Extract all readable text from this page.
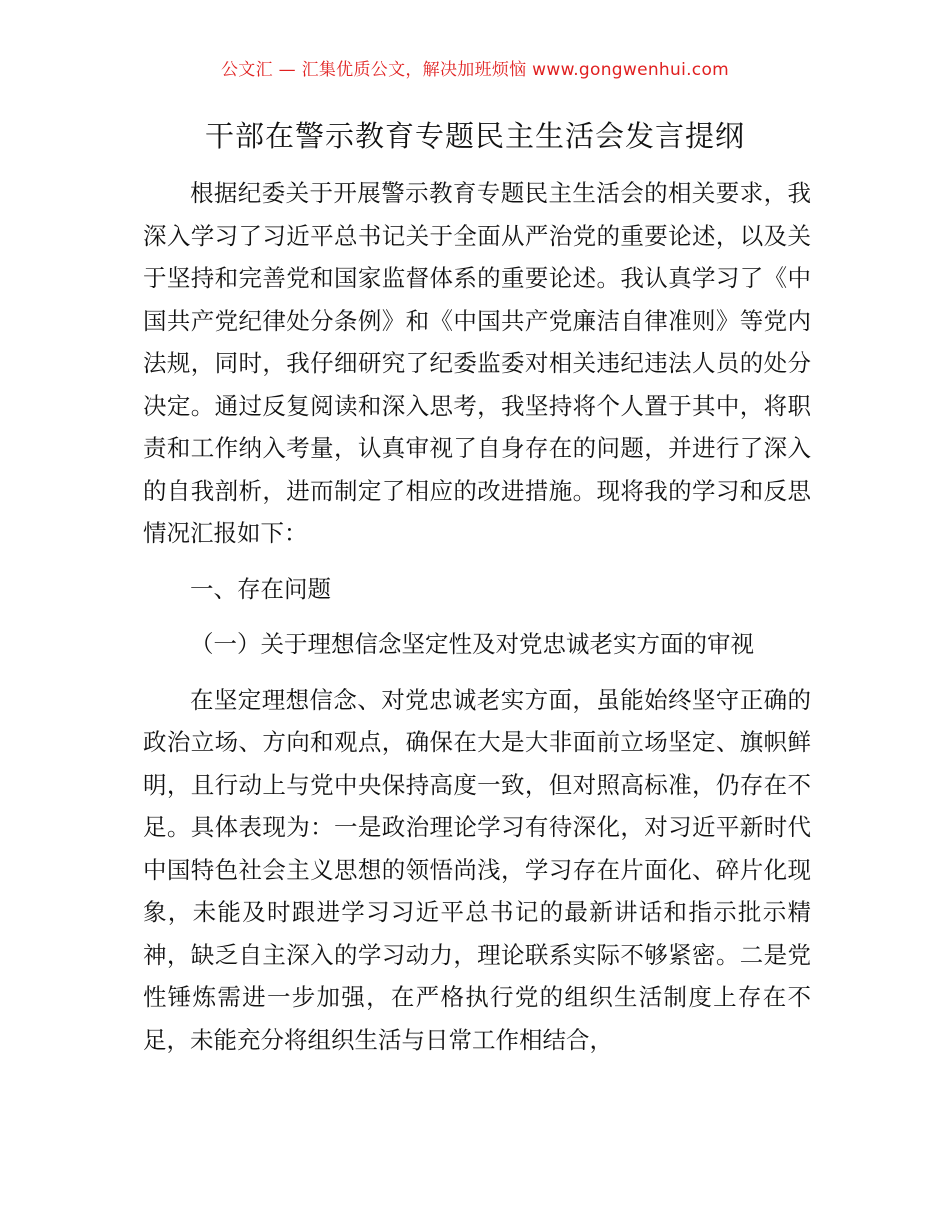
公文汇 — 汇集优质公文，解决加班烦恼 www.gongwenhui.com
干部在警示教育专题民主生活会发言提纲

根据纪委关于开展警示教育专题民主生活会的相关要求，我深入学习了习近平总书记关于全面从严治党的重要论述，以及关于坚持和完善党和国家监督体系的重要论述。我认真学习了《中国共产党纪律处分条例》和《中国共产党廉洁自律准则》等党内法规，同时，我仔细研究了纪委监委对相关违纪违法人员的处分决定。通过反复阅读和深入思考，我坚持将个人置于其中，将职责和工作纳入考量，认真审视了自身存在的问题，并进行了深入的自我剖析，进而制定了相应的改进措施。现将我的学习和反思情况汇报如下：

一、存在问题

（一）关于理想信念坚定性及对党忠诚老实方面的审视

在坚定理想信念、对党忠诚老实方面，虽能始终坚守正确的政治立场、方向和观点，确保在大是大非面前立场坚定、旗帜鲜明，且行动上与党中央保持高度一致，但对照高标准，仍存在不足。具体表现为：一是政治理论学习有待深化，对习近平新时代中国特色社会主义思想的领悟尚浅，学习存在片面化、碎片化现象，未能及时跟进学习习近平总书记的最新讲话和指示批示精神，缺乏自主深入的学习动力，理论联系实际不够紧密。二是党性锤炼需进一步加强，在严格执行党的组织生活制度上存在不足，未能充分将组织生活与日常工作相结合，
